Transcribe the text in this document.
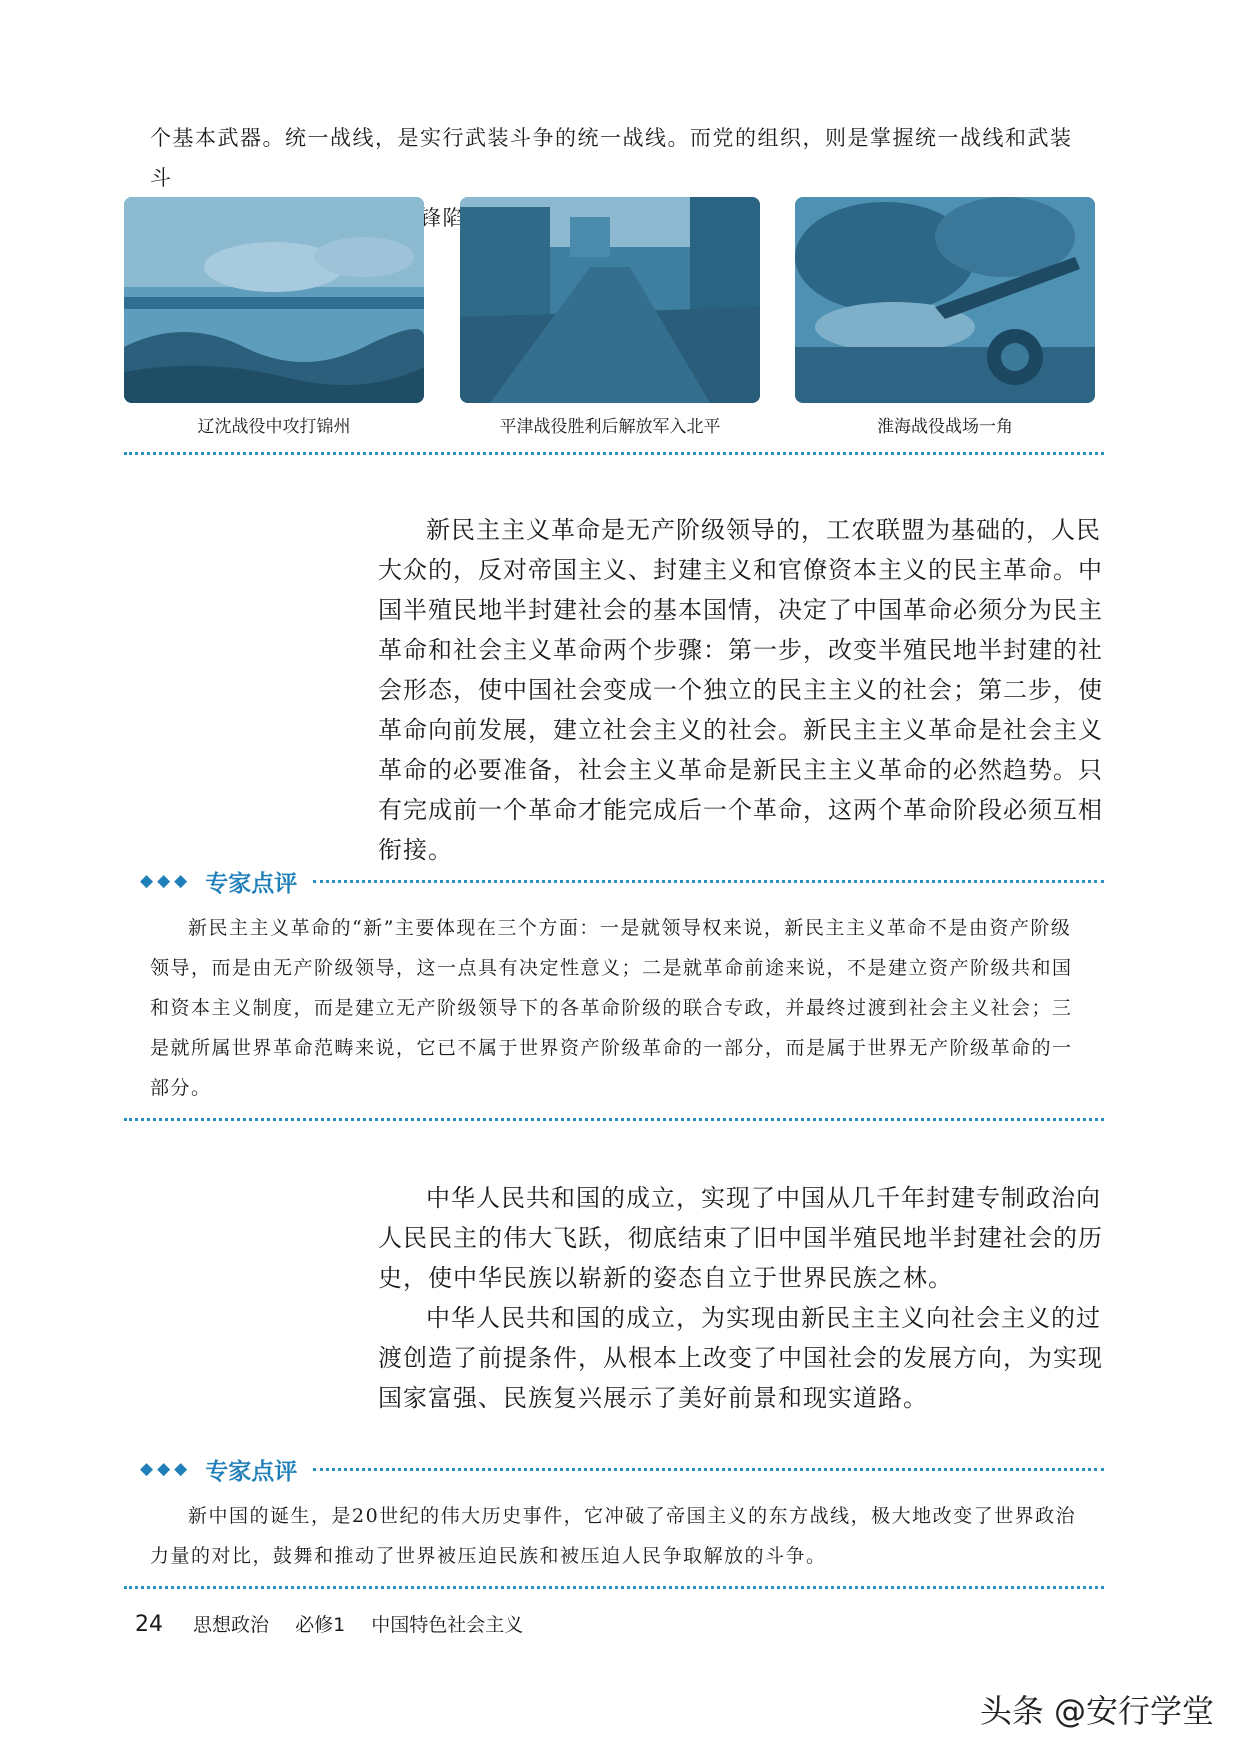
个基本武器。统一战线，是实行武装斗争的统一战线。而党的组织，则是掌握统一战线和武装斗

辽沈战役中攻打锦州	平津战役胜利后解放军入北平	淮海战役战场一角

新民主主义革命是无产阶级领导的，工农联盟为基础的，人民大众的，反对帝国主义、封建主义和官僚资本主义的民主革命。中国半殖民地半封建社会的基本国情，决定了中国革命必须分为民主革命和社会主义革命两个步骤：第一步，改变半殖民地半封建的社会形态，使中国社会变成一个独立的民主主义的社会；第二步，使革命向前发展，建立社会主义的社会。新民主主义革命是社会主义革命的必要准备，社会主义革命是新民主主义革命的必然趋势。只有完成前一个革命才能完成后一个革命，这两个革命阶段必须互相衔接。

◆◆◆ 专家点评

新民主主义革命的“新”主要体现在三个方面：一是就领导权来说，新民主主义革命不是由资产阶级领导，而是由无产阶级领导，这一点具有决定性意义；二是就革命前途来说，不是建立资产阶级共和国和资本主义制度，而是建立无产阶级领导下的各革命阶级的联合专政，并最终过渡到社会主义社会；三是就所属世界革命范畴来说，它已不属于世界资产阶级革命的一部分，而是属于世界无产阶级革命的一部分。

中华人民共和国的成立，实现了中国从几千年封建专制政治向人民民主的伟大飞跃，彻底结束了旧中国半殖民地半封建社会的历史，使中华民族以崭新的姿态自立于世界民族之林。

中华人民共和国的成立，为实现由新民主主义向社会主义的过渡创造了前提条件，从根本上改变了中国社会的发展方向，为实现国家富强、民族复兴展示了美好前景和现实道路。

◆◆◆ 专家点评

新中国的诞生，是20世纪的伟大历史事件，它冲破了帝国主义的东方战线，极大地改变了世界政治力量的对比，鼓舞和推动了世界被压迫民族和被压迫人民争取解放的斗争。

24 思想政治 必修1 中国特色社会主义
头条 @安行学堂
